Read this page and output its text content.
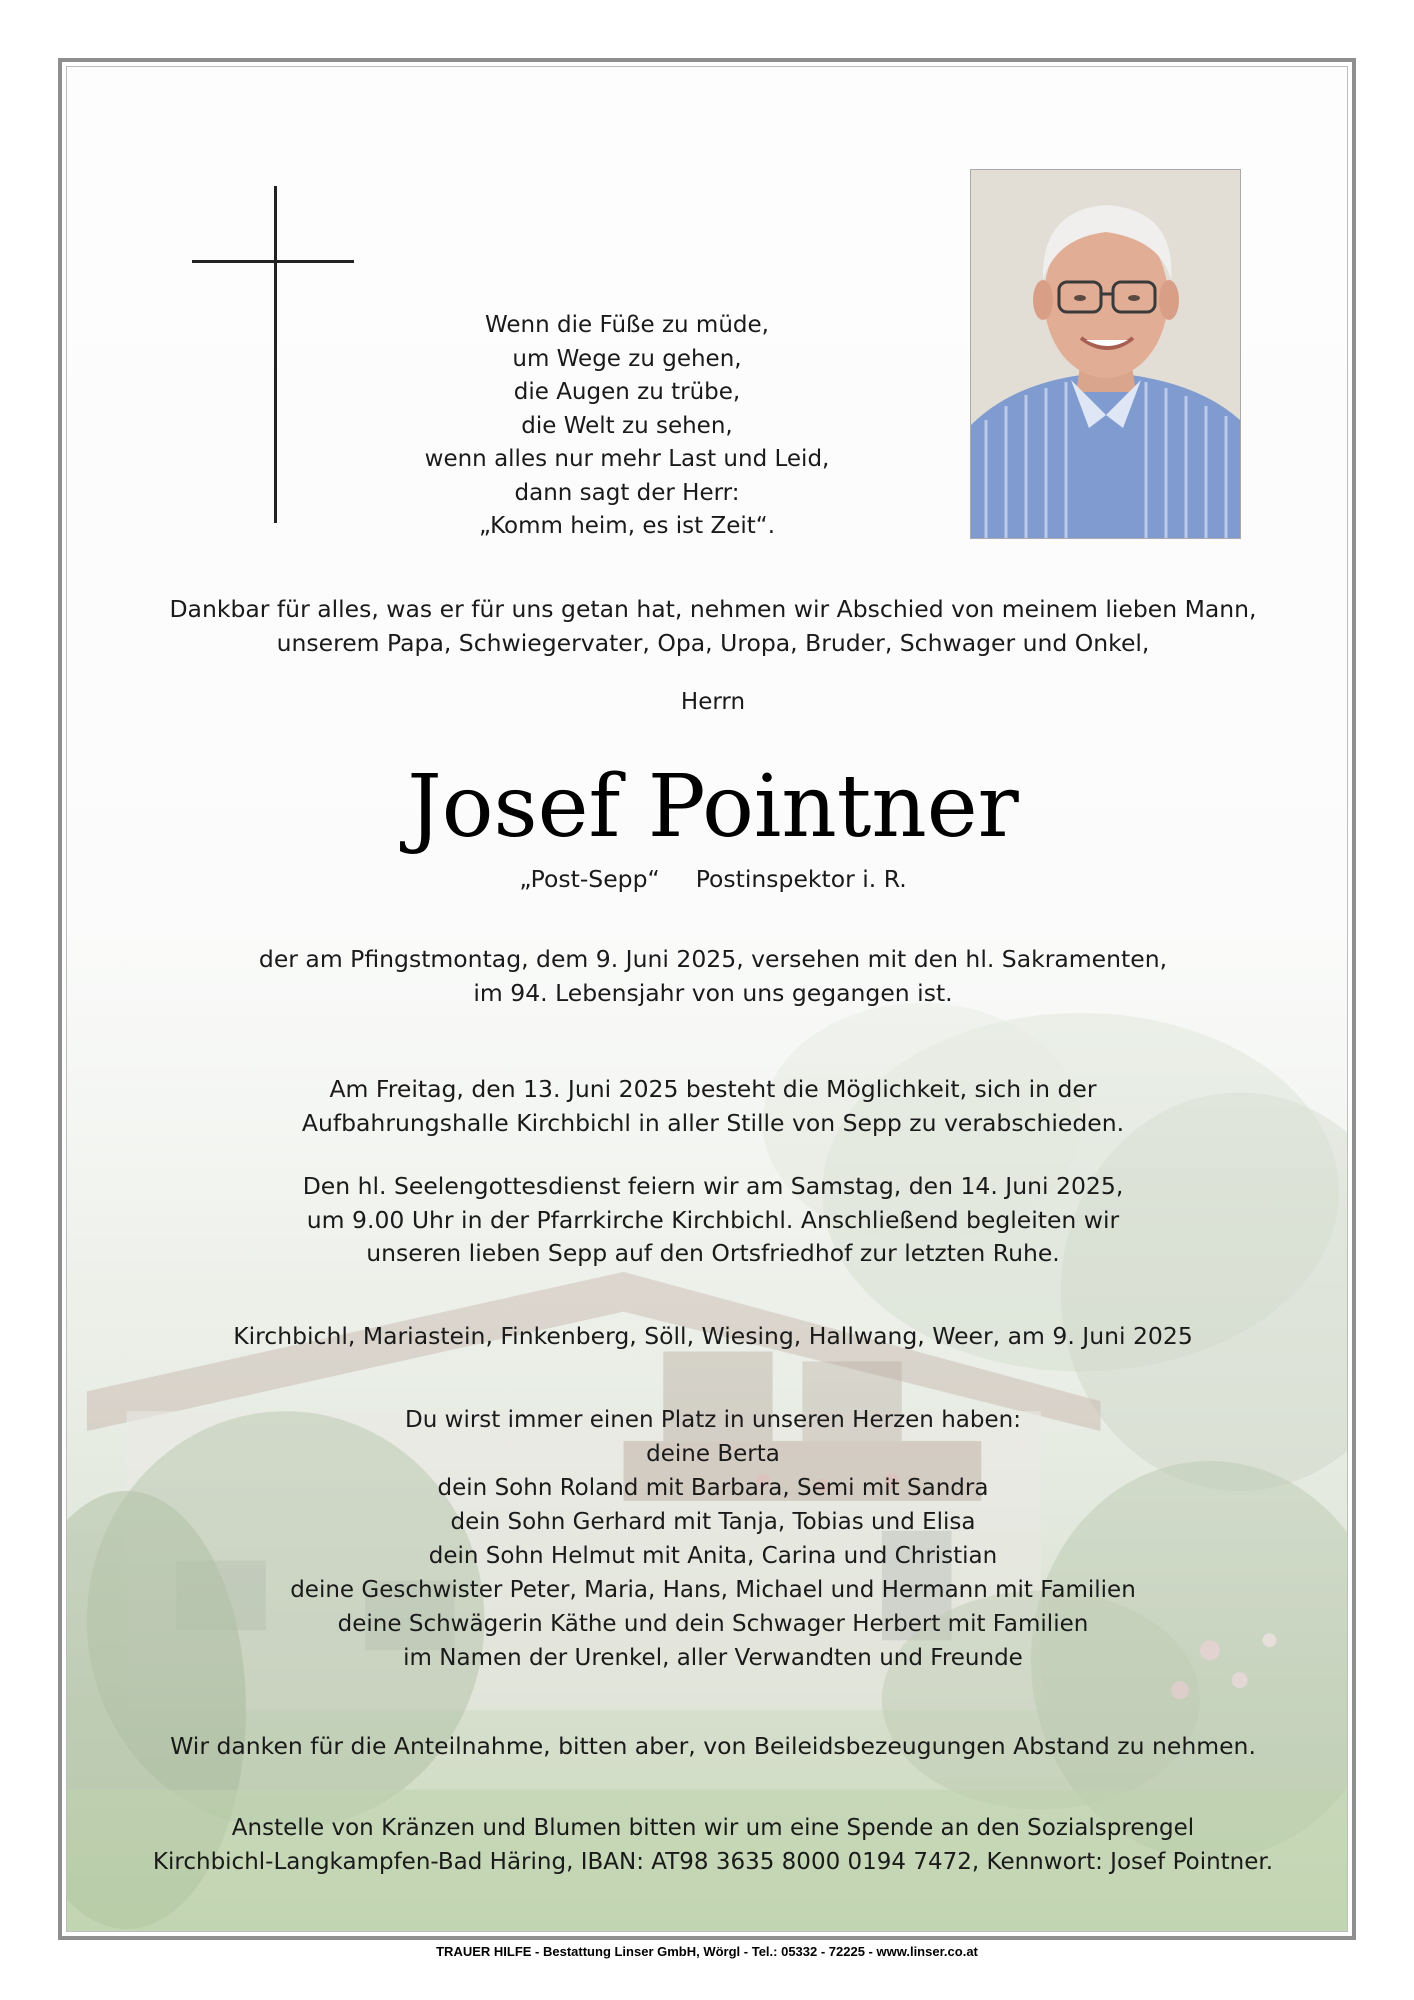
Wenn die Füße zu müde,
um Wege zu gehen,
die Augen zu trübe,
die Welt zu sehen,
wenn alles nur mehr Last und Leid,
dann sagt der Herr:
„Komm heim, es ist Zeit“.
Dankbar für alles, was er für uns getan hat, nehmen wir Abschied von meinem lieben Mann,
unserem Papa, Schwiegervater, Opa, Uropa, Bruder, Schwager und Onkel,
Herrn
Josef Pointner
„Post-Sepp“ Postinspektor i. R.
der am Pfingstmontag, dem 9. Juni 2025, versehen mit den hl. Sakramenten,
im 94. Lebensjahr von uns gegangen ist.
Am Freitag, den 13. Juni 2025 besteht die Möglichkeit, sich in der
Aufbahrungshalle Kirchbichl in aller Stille von Sepp zu verabschieden.
Den hl. Seelengottesdienst feiern wir am Samstag, den 14. Juni 2025,
um 9.00 Uhr in der Pfarrkirche Kirchbichl. Anschließend begleiten wir
unseren lieben Sepp auf den Ortsfriedhof zur letzten Ruhe.
Kirchbichl, Mariastein, Finkenberg, Söll, Wiesing, Hallwang, Weer, am 9. Juni 2025
Du wirst immer einen Platz in unseren Herzen haben:
deine Berta
dein Sohn Roland mit Barbara, Semi mit Sandra
dein Sohn Gerhard mit Tanja, Tobias und Elisa
dein Sohn Helmut mit Anita, Carina und Christian
deine Geschwister Peter, Maria, Hans, Michael und Hermann mit Familien
deine Schwägerin Käthe und dein Schwager Herbert mit Familien
im Namen der Urenkel, aller Verwandten und Freunde
Wir danken für die Anteilnahme, bitten aber, von Beileidsbezeugungen Abstand zu nehmen.
Anstelle von Kränzen und Blumen bitten wir um eine Spende an den Sozialsprengel
Kirchbichl-Langkampfen-Bad Häring, IBAN: AT98 3635 8000 0194 7472, Kennwort: Josef Pointner.
TRAUER HILFE - Bestattung Linser GmbH, Wörgl - Tel.: 05332 - 72225 - www.linser.co.at
